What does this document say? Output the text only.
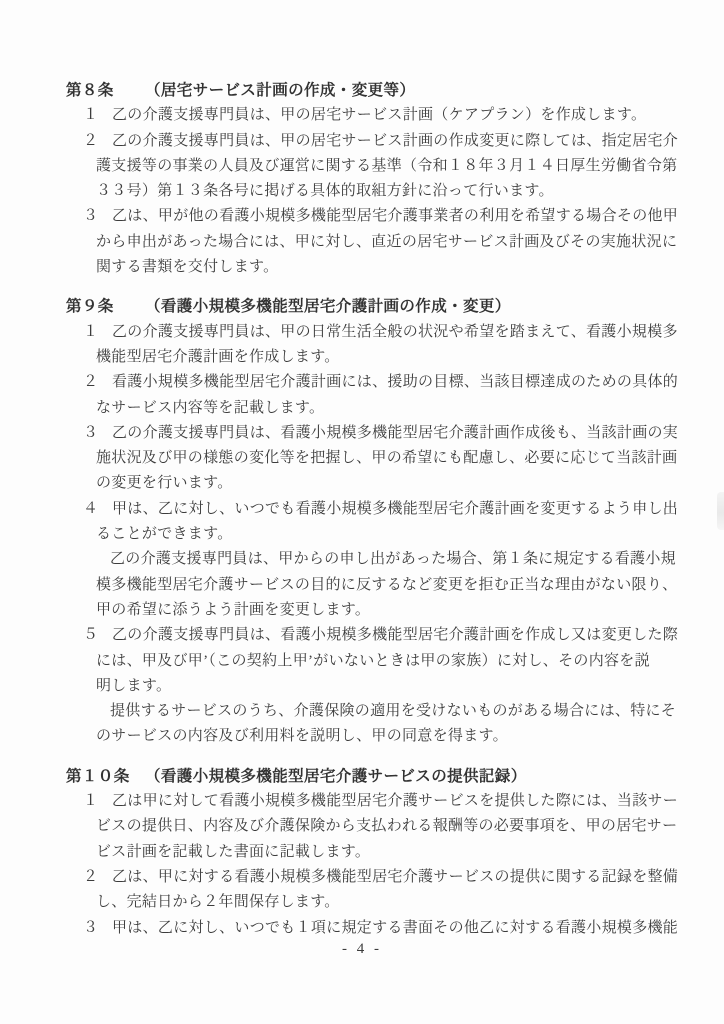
第８条 （居宅サービス計画の作成・変更等）
１ 乙の介護支援専門員は、甲の居宅サービス計画（ケアプラン）を作成します。
２ 乙の介護支援専門員は、甲の居宅サービス計画の作成変更に際しては、指定居宅介
護支援等の事業の人員及び運営に関する基準（令和１８年３月１４日厚生労働省令第
３３号）第１３条各号に掲げる具体的取組方針に沿って行います。
３ 乙は、甲が他の看護小規模多機能型居宅介護事業者の利用を希望する場合その他甲
から申出があった場合には、甲に対し、直近の居宅サービス計画及びその実施状況に
関する書類を交付します。
第９条 （看護小規模多機能型居宅介護計画の作成・変更）
１ 乙の介護支援専門員は、甲の日常生活全般の状況や希望を踏まえて、看護小規模多
機能型居宅介護計画を作成します。
２ 看護小規模多機能型居宅介護計画には、援助の目標、当該目標達成のための具体的
なサービス内容等を記載します。
３ 乙の介護支援専門員は、看護小規模多機能型居宅介護計画作成後も、当該計画の実
施状況及び甲の様態の変化等を把握し、甲の希望にも配慮し、必要に応じて当該計画
の変更を行います。
４ 甲は、乙に対し、いつでも看護小規模多機能型居宅介護計画を変更するよう申し出
ることができます。
乙の介護支援専門員は、甲からの申し出があった場合、第１条に規定する看護小規
模多機能型居宅介護サービスの目的に反するなど変更を拒む正当な理由がない限り、
甲の希望に添うよう計画を変更します。
５ 乙の介護支援専門員は、看護小規模多機能型居宅介護計画を作成し又は変更した際
には、甲及び甲’（この契約上甲’がいないときは甲の家族）に対し、その内容を説
明します。
提供するサービスのうち、介護保険の適用を受けないものがある場合には、特にそ
のサービスの内容及び利用料を説明し、甲の同意を得ます。
第１０条 （看護小規模多機能型居宅介護サービスの提供記録）
１ 乙は甲に対して看護小規模多機能型居宅介護サービスを提供した際には、当該サー
ビスの提供日、内容及び介護保険から支払われる報酬等の必要事項を、甲の居宅サー
ビス計画を記載した書面に記載します。
２ 乙は、甲に対する看護小規模多機能型居宅介護サービスの提供に関する記録を整備
し、完結日から２年間保存します。
３ 甲は、乙に対し、いつでも１項に規定する書面その他乙に対する看護小規模多機能
- 4 -
